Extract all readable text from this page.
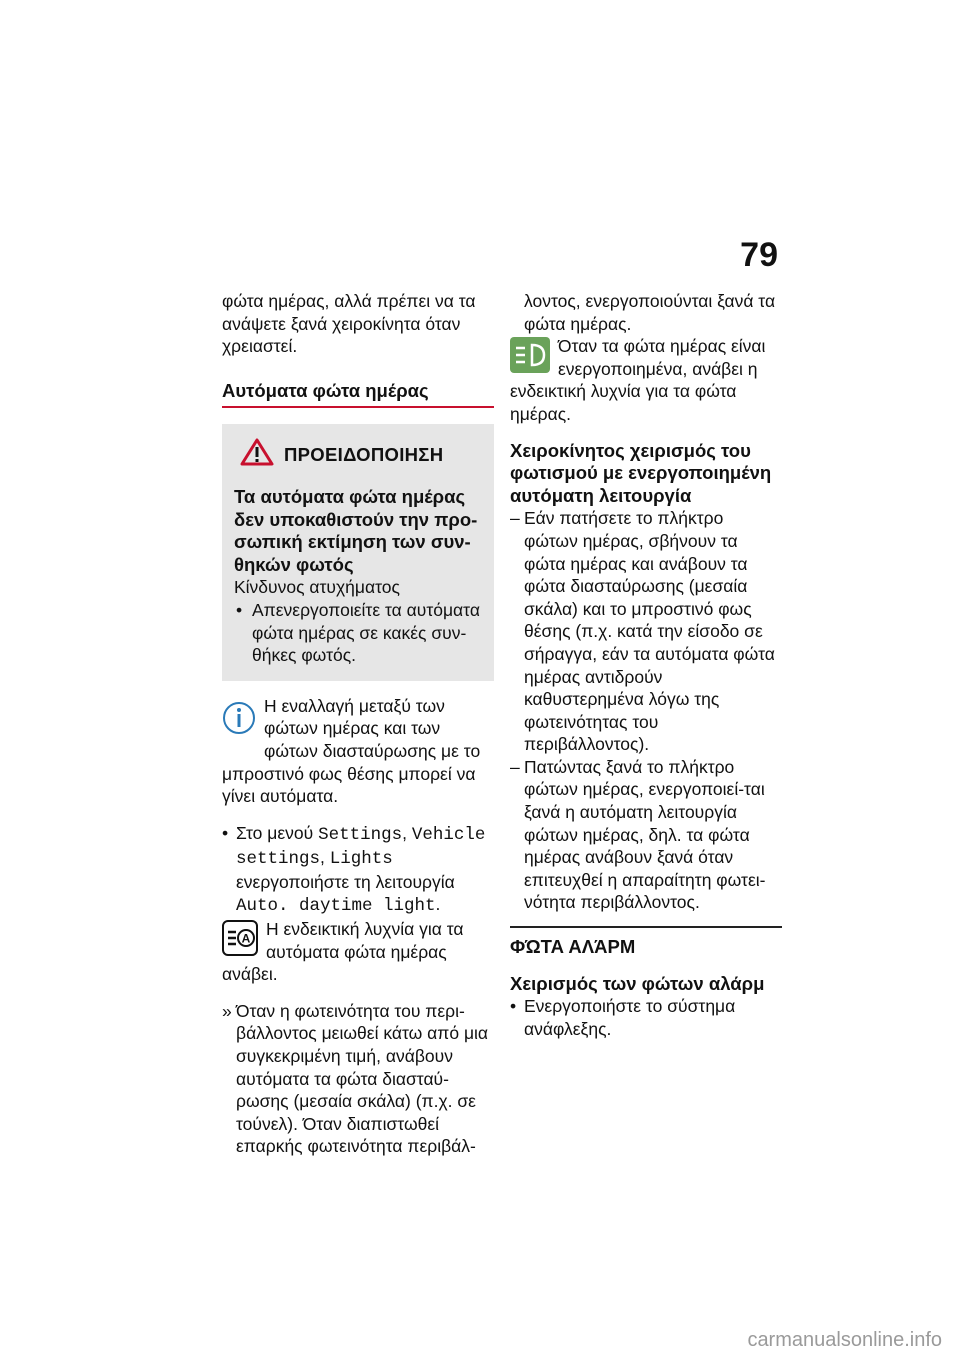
79

φώτα ημέρας, αλλά πρέπει να τα ανάψετε ξανά χειροκίνητα όταν χρειαστεί.

Αυτόματα φώτα ημέρας
ΠΡΟΕΙΔΟΠΟΙΗΣΗ
Τα αυτόματα φώτα ημέρας δεν υποκαθιστούν την προ-σωπική εκτίμηση των συν-θηκών φωτός

Κίνδυνος ατυχήματος

• Απενεργοποιείτε τα αυτόματα φώτα ημέρας σε κακές συν-θήκες φωτός.

Η εναλλαγή μεταξύ των φώτων ημέρας και των φώτων διασταύρωσης με το μπροστινό φως θέσης μπορεί να γίνει αυτόματα.

• Στο μενού Settings, Vehicle settings, Lights ενεργοποιήστε τη λειτουργία Auto. daytime light.

A Η ενδεικτική λυχνία για τα αυτόματα φώτα ημέρας ανάβει.

» Όταν η φωτεινότητα του περι-βάλλοντος μειωθεί κάτω από μια συγκεκριμένη τιμή, ανάβουν αυτόματα τα φώτα διασταύ-ρωσης (μεσαία σκάλα) (π.χ. σε τούνελ). Όταν διαπιστωθεί επαρκής φωτεινότητα περιβάλ-

λοντος, ενεργοποιούνται ξανά τα φώτα ημέρας.

Όταν τα φώτα ημέρας είναι ενεργοποιημένα, ανάβει η ενδεικτική λυχνία για τα φώτα ημέρας.

Χειροκίνητος χειρισμός του φωτισμού με ενεργοποιημένη αυτόματη λειτουργία

– Εάν πατήσετε το πλήκτρο φώτων ημέρας, σβήνουν τα φώτα ημέρας και ανάβουν τα φώτα διασταύρωσης (μεσαία σκάλα) και το μπροστινό φως θέσης (π.χ. κατά την είσοδο σε σήραγγα, εάν τα αυτόματα φώτα ημέρας αντιδρούν καθυστερημένα λόγω της φωτεινότητας του περιβάλλοντος).

– Πατώντας ξανά το πλήκτρο φώτων ημέρας, ενεργοποιεί-ται ξανά η αυτόματη λειτουργία φώτων ημέρας, δηλ. τα φώτα ημέρας ανάβουν ξανά όταν επιτευχθεί η απαραίτητη φωτει-νότητα περιβάλλοντος.

ΦΏΤΑ ΑΛΆΡΜ
Χειρισμός των φώτων αλάρμ

• Ενεργοποιήστε το σύστημα ανάφλεξης.

carmanualsonline.info
